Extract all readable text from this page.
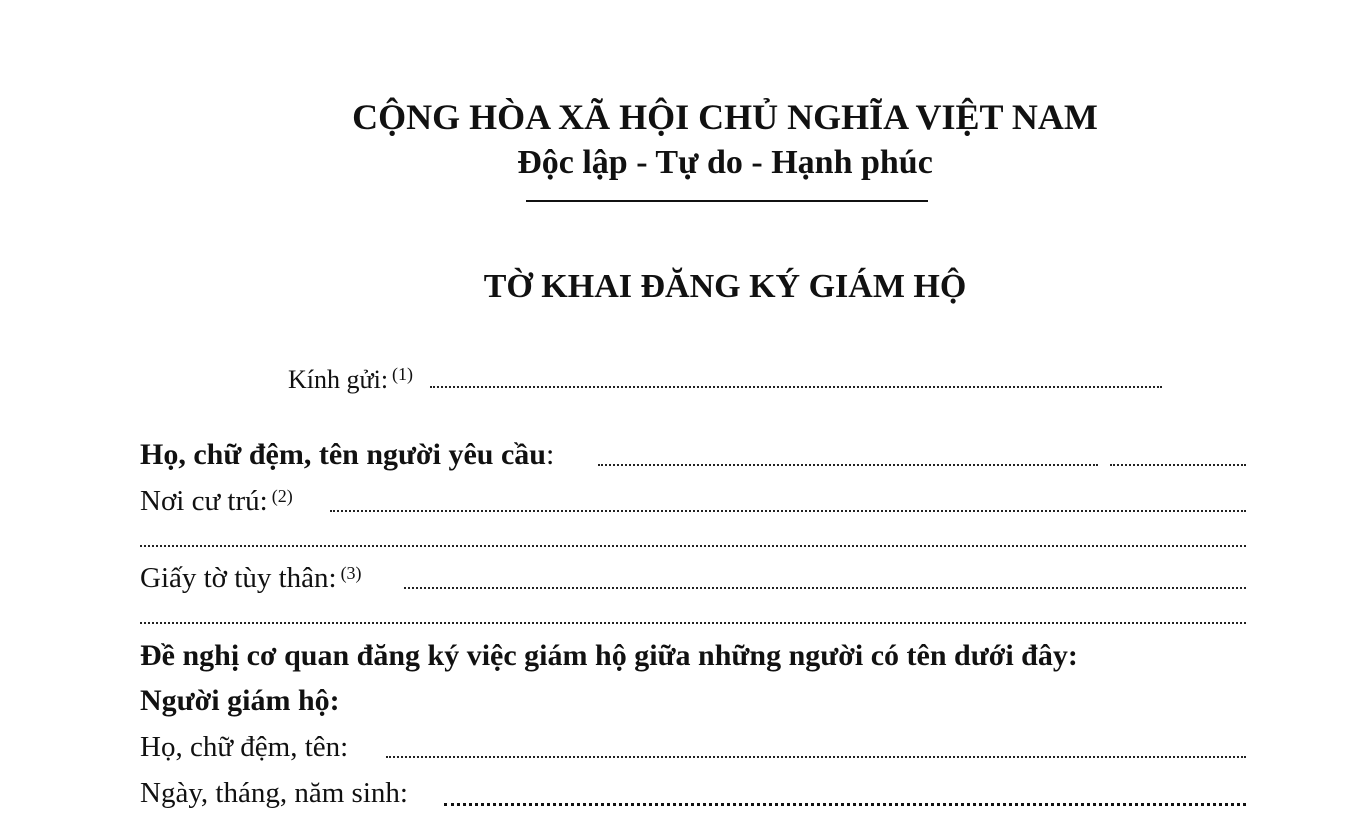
CỘNG HÒA XÃ HỘI CHỦ NGHĨA VIỆT NAM
Độc lập - Tự do - Hạnh phúc
TỜ KHAI ĐĂNG KÝ GIÁM HỘ
Kính gửi: $^{(1)}$
Họ, chữ đệm, tên người yêu cầu:
Nơi cư trú: $^{(2)}$
Giấy tờ tùy thân: $^{(3)}$
Đề nghị cơ quan đăng ký việc giám hộ giữa những người có tên dưới đây:
Người giám hộ:
Họ, chữ đệm, tên:
Ngày, tháng, năm sinh:
